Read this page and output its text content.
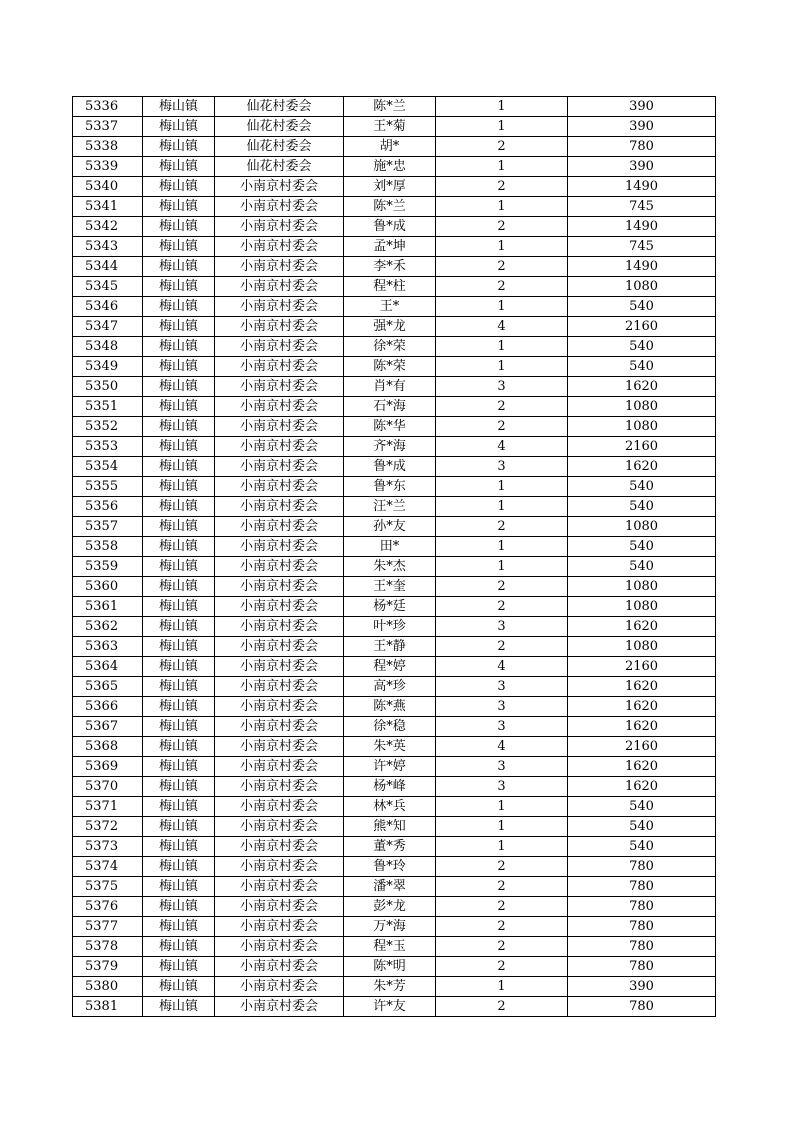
5336	梅山镇	仙花村委会	陈*兰	1	390
5337	梅山镇	仙花村委会	王*菊	1	390
5338	梅山镇	仙花村委会	胡*	2	780
5339	梅山镇	仙花村委会	施*忠	1	390
5340	梅山镇	小南京村委会	刘*厚	2	1490
5341	梅山镇	小南京村委会	陈*兰	1	745
5342	梅山镇	小南京村委会	鲁*成	2	1490
5343	梅山镇	小南京村委会	孟*坤	1	745
5344	梅山镇	小南京村委会	李*禾	2	1490
5345	梅山镇	小南京村委会	程*柱	2	1080
5346	梅山镇	小南京村委会	王*	1	540
5347	梅山镇	小南京村委会	强*龙	4	2160
5348	梅山镇	小南京村委会	徐*荣	1	540
5349	梅山镇	小南京村委会	陈*荣	1	540
5350	梅山镇	小南京村委会	肖*有	3	1620
5351	梅山镇	小南京村委会	石*海	2	1080
5352	梅山镇	小南京村委会	陈*华	2	1080
5353	梅山镇	小南京村委会	齐*海	4	2160
5354	梅山镇	小南京村委会	鲁*成	3	1620
5355	梅山镇	小南京村委会	鲁*东	1	540
5356	梅山镇	小南京村委会	汪*兰	1	540
5357	梅山镇	小南京村委会	孙*友	2	1080
5358	梅山镇	小南京村委会	田*	1	540
5359	梅山镇	小南京村委会	朱*杰	1	540
5360	梅山镇	小南京村委会	王*奎	2	1080
5361	梅山镇	小南京村委会	杨*廷	2	1080
5362	梅山镇	小南京村委会	叶*珍	3	1620
5363	梅山镇	小南京村委会	王*静	2	1080
5364	梅山镇	小南京村委会	程*婷	4	2160
5365	梅山镇	小南京村委会	高*珍	3	1620
5366	梅山镇	小南京村委会	陈*燕	3	1620
5367	梅山镇	小南京村委会	徐*稳	3	1620
5368	梅山镇	小南京村委会	朱*英	4	2160
5369	梅山镇	小南京村委会	许*婷	3	1620
5370	梅山镇	小南京村委会	杨*峰	3	1620
5371	梅山镇	小南京村委会	林*兵	1	540
5372	梅山镇	小南京村委会	熊*知	1	540
5373	梅山镇	小南京村委会	董*秀	1	540
5374	梅山镇	小南京村委会	鲁*玲	2	780
5375	梅山镇	小南京村委会	潘*翠	2	780
5376	梅山镇	小南京村委会	彭*龙	2	780
5377	梅山镇	小南京村委会	万*海	2	780
5378	梅山镇	小南京村委会	程*玉	2	780
5379	梅山镇	小南京村委会	陈*明	2	780
5380	梅山镇	小南京村委会	朱*芳	1	390
5381	梅山镇	小南京村委会	许*友	2	780
